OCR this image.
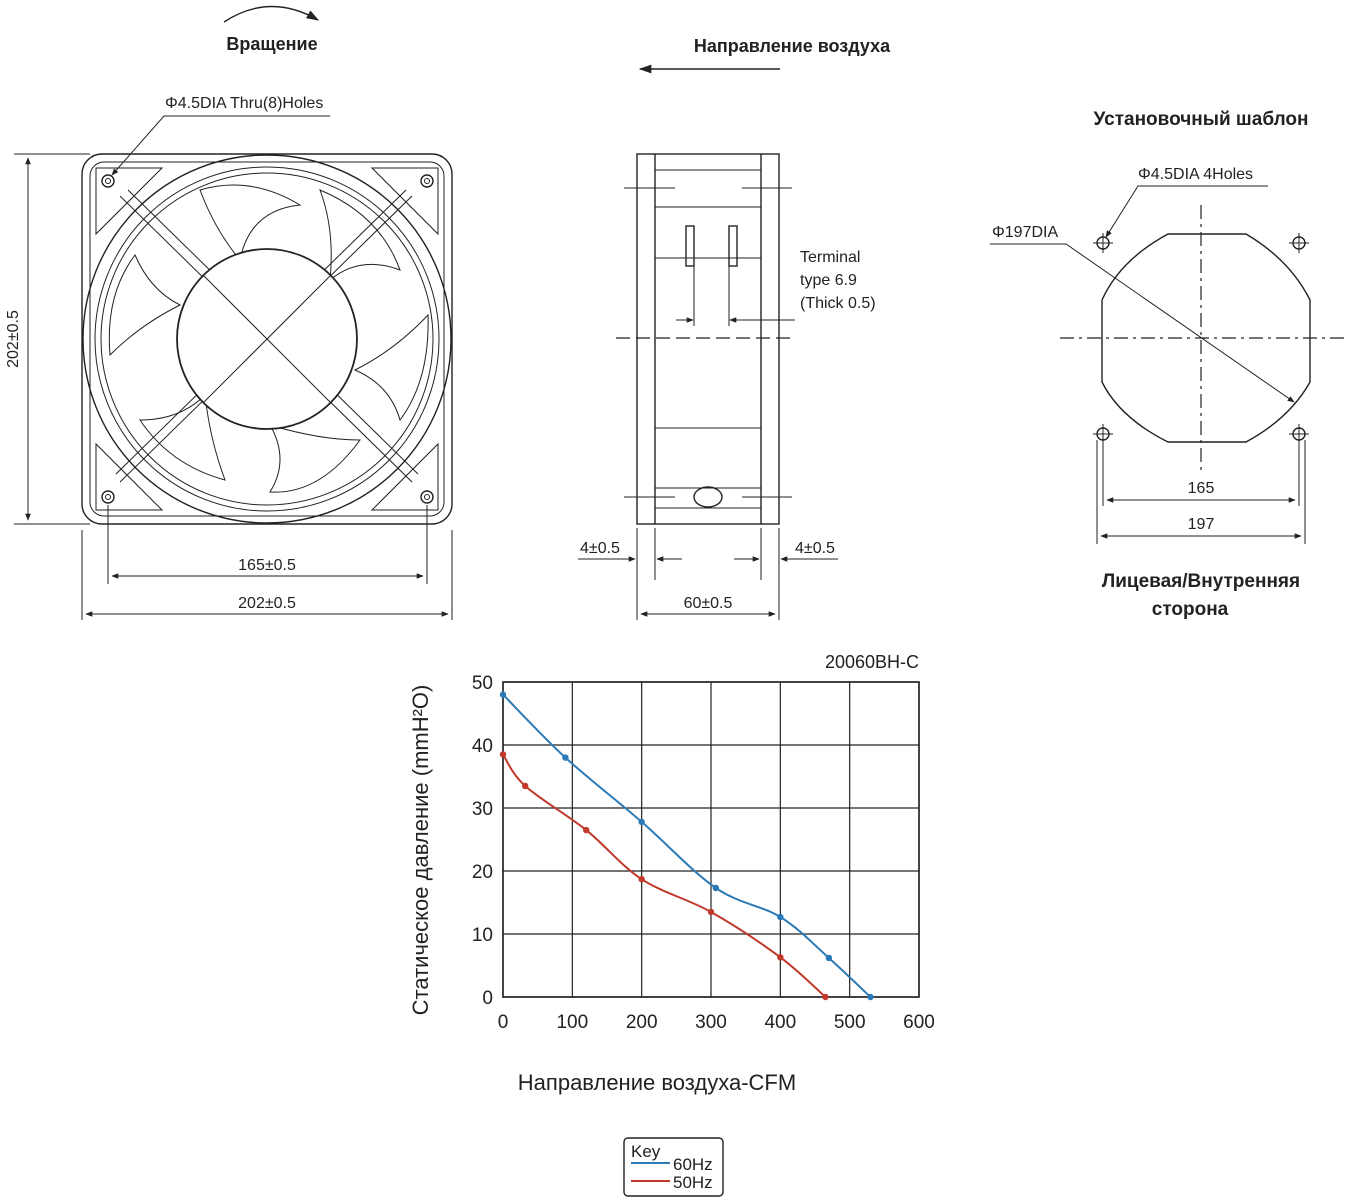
Вращение
Φ4.5DIA Thru(8)Holes
202±0.5
165±0.5
202±0.5
Направление воздуха
Terminal
type 6.9
(Thick 0.5)
4±0.5	4±0.5
60±0.5
Установочный шаблон
Φ4.5DIA 4Holes
Φ197DIA
165
197
Лицевая/Внутренняя
сторона
20060BH-C
Статическое давление (mmH²O)
Направление воздуха-CFM
0	100 200 300 400 500 600
0
10
20
30
40
50
Key
60Hz
50Hz
